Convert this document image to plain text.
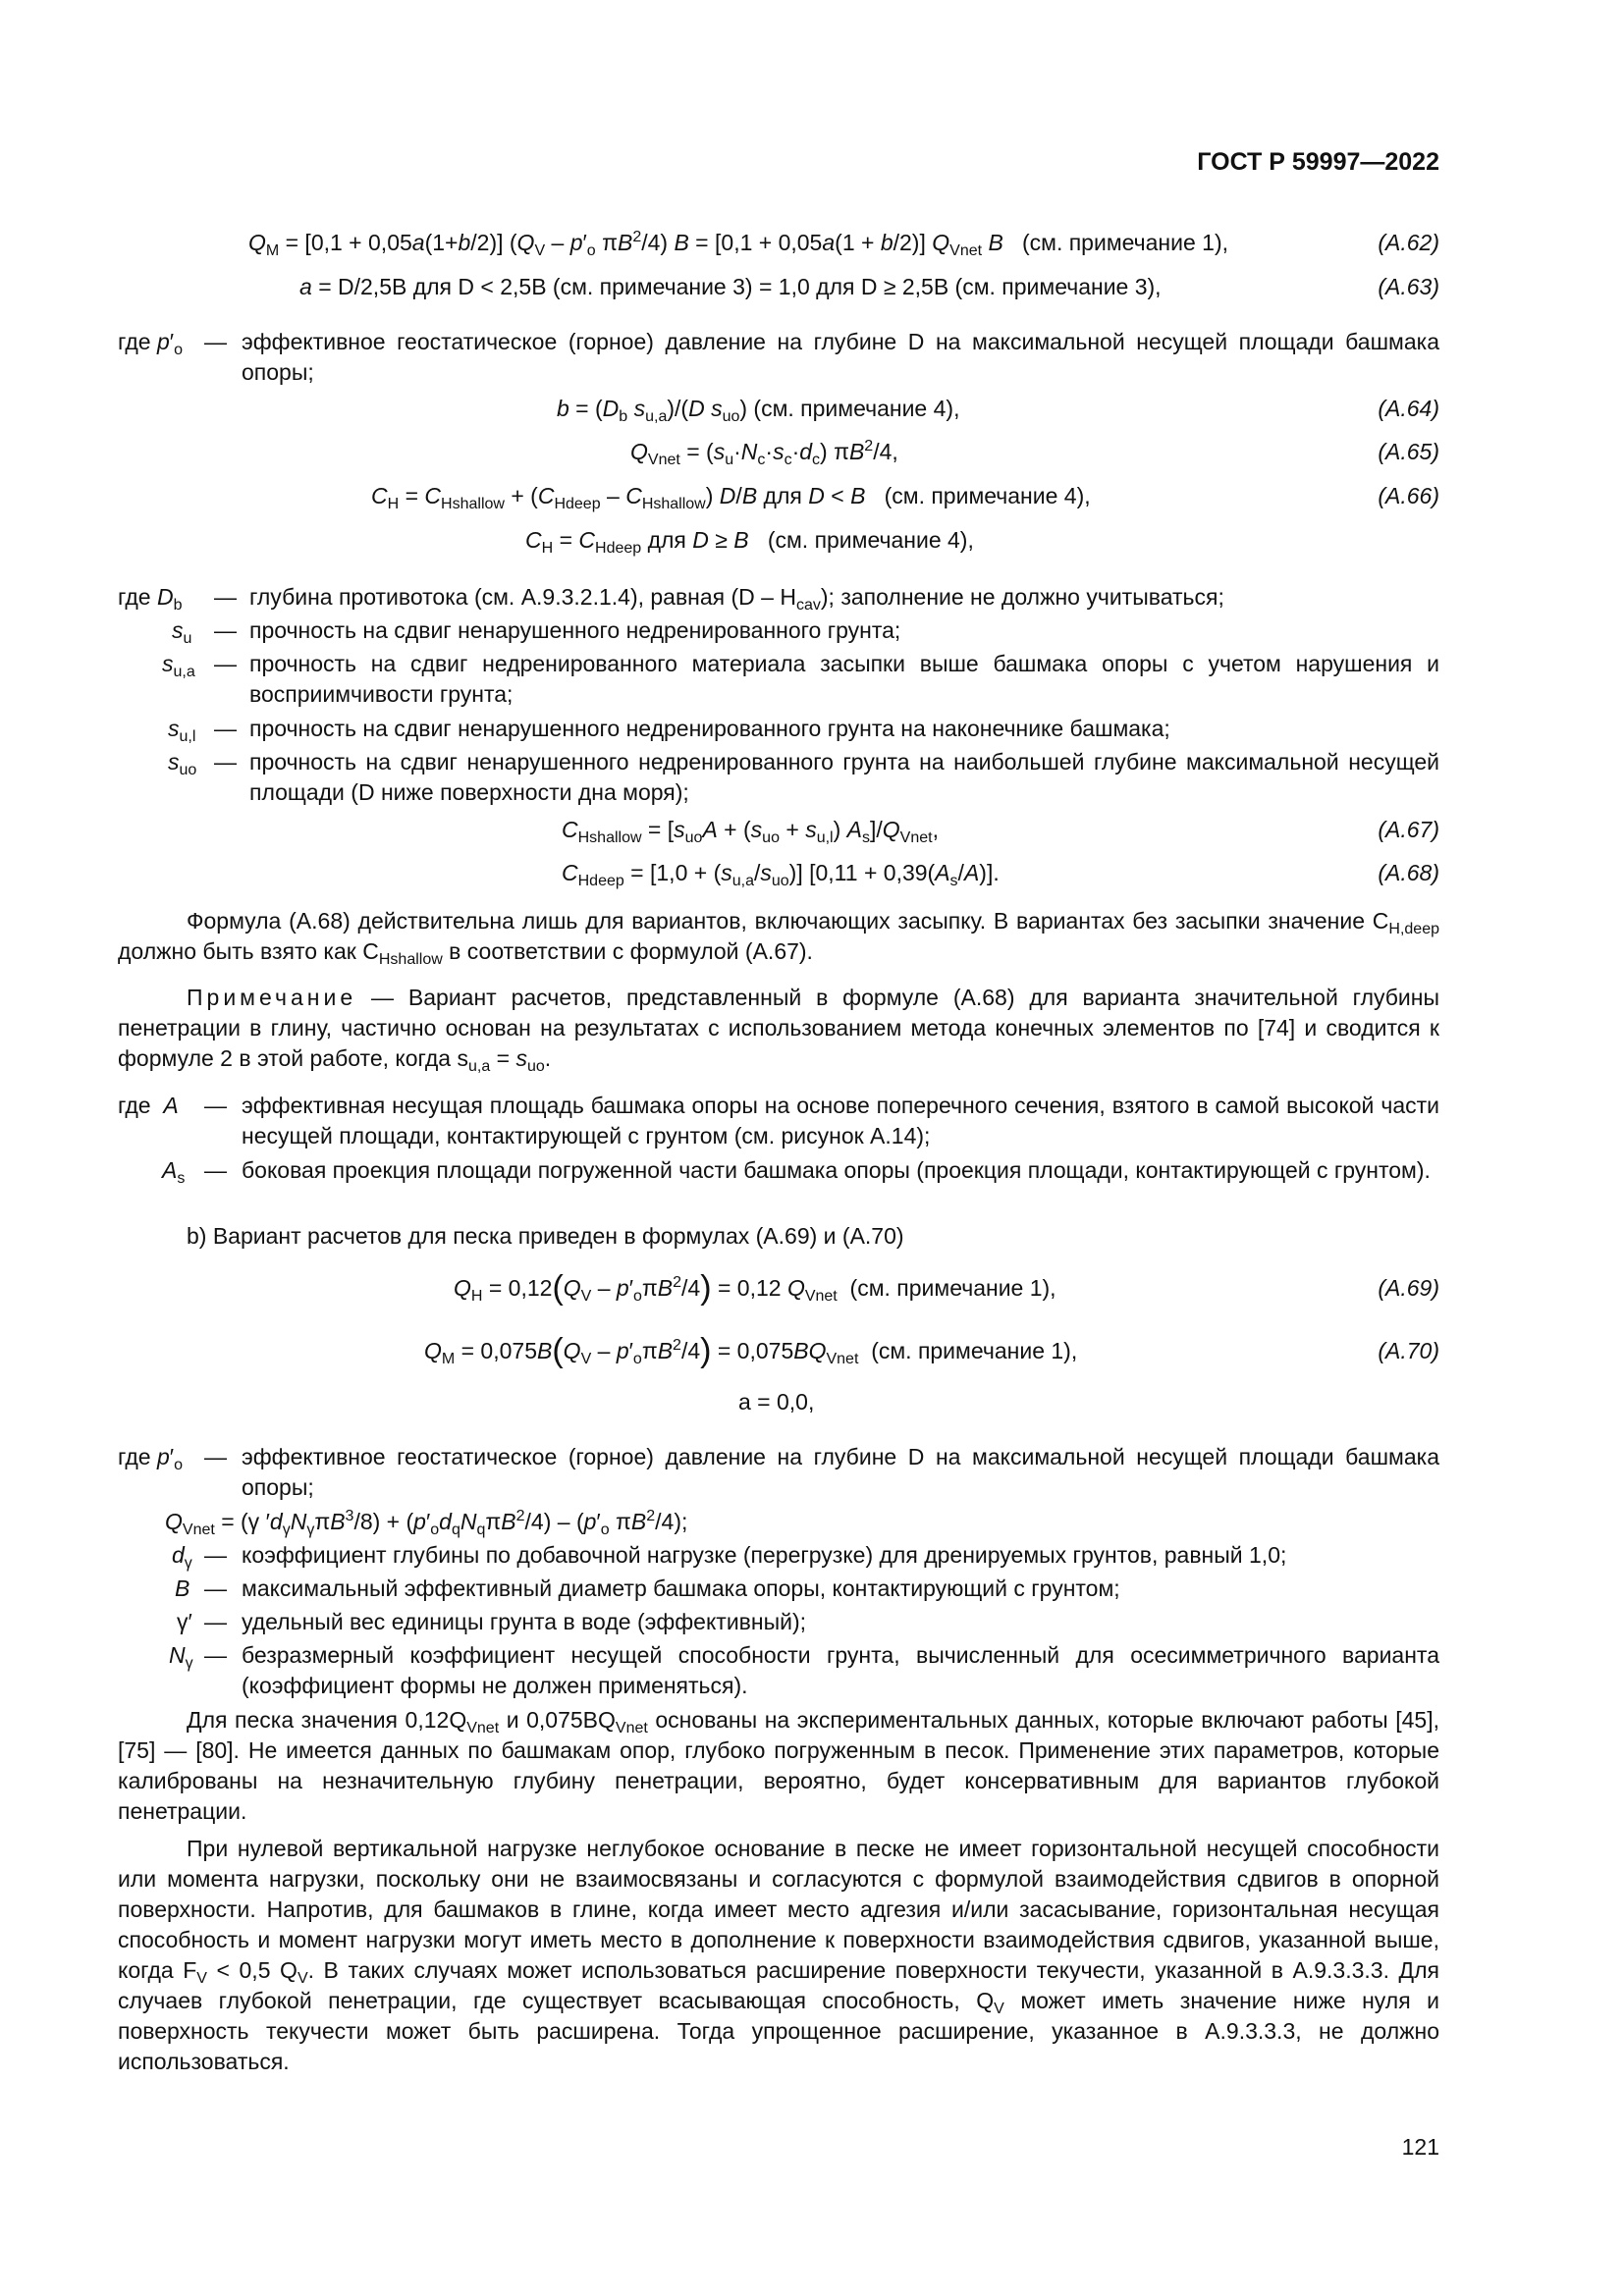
ГОСТ Р 59997—2022
$Q_M = [0,1 + 0,05a(1+b/2)]$ ($Q_V - p'_o$ $\pi B^2/4$) B = [0,1 + 0,05a(1 + b/2)] $Q_{Vnet}$ B (см. примечание 1),	(A.62)
a = D/2,5B для D < 2,5B (см. примечание 3) = 1,0 для D ≥ 2,5B (см. примечание 3),	(A.63)
где $p'_o$ — эффективное геостатическое (горное) давление на глубине D на максимальной несущей площади башмака опоры;
$b = (D_b$ $s_{u,a})/(D$ $s_{uo}$) (см. примечание 4),	(A.64)
$Q_{Vnet} = (s_u\cdot N_c\cdot s_c\cdot d_c)$ $\pi B^2/4$,	(A.65)
$C_H = C_{Hshallow} + (C_{Hdeep} - C_{Hshallow})$ D/B для D < B (см. примечание 4),	(A.66)
$C_H = C_{Hdeep}$ для D ≥ B (см. примечание 4),
где $D_b$ — глубина противотока (см. A.9.3.2.1.4), равная $(D - H_{cav})$; заполнение не должно учитываться;
$s_u$ — прочность на сдвиг ненарушенного недренированного грунта;
$s_{u,a}$ — прочность на сдвиг недренированного материала засыпки выше башмака опоры с учетом нарушения и восприимчивости грунта;
$s_{u,l}$ — прочность на сдвиг ненарушенного недренированного грунта на наконечнике башмака;
$s_{uo}$ — прочность на сдвиг ненарушенного недренированного грунта на наибольшей глубине максимальной несущей площади (D ниже поверхности дна моря);
$C_{Hshallow} = [s_{uo}A + (s_{uo} + s_{u,l})$ $A_s]/Q_{Vnet}$,	(A.67)
$C_{Hdeep} = [1,0 + (s_{u,a}/s_{uo})] [0,11 + 0,39(A_s/A)]$.	(A.68)
Формула (A.68) действительна лишь для вариантов, включающих засыпку. В вариантах без засыпки значение $C_{H,deep}$ должно быть взято как $C_{Hshallow}$ в соответствии с формулой (A.67).
Примечание — Вариант расчетов, представленный в формуле (A.68) для варианта значительной глубины пенетрации в глину, частично основан на результатах с использованием метода конечных элементов по [74] и сводится к формуле 2 в этой работе, когда $s_{u,a} = s_{uo}$.
где A — эффективная несущая площадь башмака опоры на основе поперечного сечения, взятого в самой высокой части несущей площади, контактирующей с грунтом (см. рисунок A.14);
$A_s$ — боковая проекция площади погруженной части башмака опоры (проекция площади, контактирующей с грунтом).
b) Вариант расчетов для песка приведен в формулах (A.69) и (A.70)
$Q_H = 0,12(Q_V - p'_o\pi B^2/4) = 0,12$ $Q_{Vnet}$ (см. примечание 1),	(A.69)
$Q_M = 0,075B(Q_V - p'_o\pi B^2/4) = 0,075BQ_{Vnet}$ (см. примечание 1),	(A.70)
a = 0,0,
где $p'_o$ — эффективное геостатическое (горное) давление на глубине D на максимальной несущей площади башмака опоры;
$Q_{Vnet} = (\gamma$ $'d_\gamma N_\gamma\pi B^3/8) + (p'_od_qN_q\pi B^2/4) - (p'_o$ $\pi B^2/4$);
$d_\gamma$ — коэффициент глубины по добавочной нагрузке (перегрузке) для дренируемых грунтов, равный 1,0;
B — максимальный эффективный диаметр башмака опоры, контактирующий с грунтом;
γ′ — удельный вес единицы грунта в воде (эффективный);
$N_\gamma$ — безразмерный коэффициент несущей способности грунта, вычисленный для осесимметричного варианта (коэффициент формы не должен применяться).
Для песка значения $0,12Q_{Vnet}$ и $0,075BQ_{Vnet}$ основаны на экспериментальных данных, которые включают работы [45], [75] — [80]. Не имеется данных по башмакам опор, глубоко погруженным в песок. Применение этих параметров, которые калиброваны на незначительную глубину пенетрации, вероятно, будет консервативным для вариантов глубокой пенетрации.
При нулевой вертикальной нагрузке неглубокое основание в песке не имеет горизонтальной несущей способности или момента нагрузки, поскольку они не взаимосвязаны и согласуются с формулой взаимодействия сдвигов в опорной поверхности. Напротив, для башмаков в глине, когда имеет место адгезия и/или засасывание, горизонтальная несущая способность и момент нагрузки могут иметь место в дополнение к поверхности взаимодействия сдвигов, указанной выше, когда $F_V < 0,5$ $Q_V$. В таких случаях может использоваться расширение поверхности текучести, указанной в A.9.3.3.3. Для случаев глубокой пенетрации, где существует всасывающая способность, $Q_V$ может иметь значение ниже нуля и поверхность текучести может быть расширена. Тогда упрощенное расширение, указанное в A.9.3.3.3, не должно использоваться.
121
